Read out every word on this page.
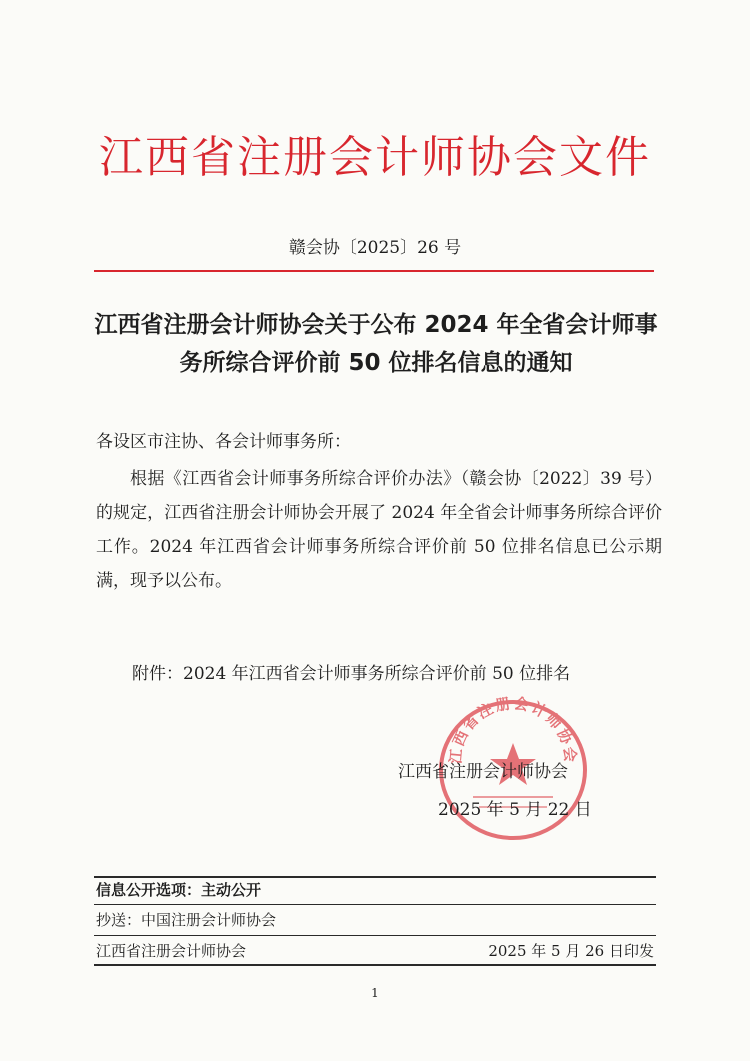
江西省注册会计师协会文件
赣会协〔2025〕26 号
江西省注册会计师协会关于公布 2024 年全省会计师事务所综合评价前 50 位排名信息的通知
各设区市注协、各会计师事务所：
根据《江西省会计师事务所综合评价办法》（赣会协〔2022〕39 号）的规定，江西省注册会计师协会开展了 2024 年全省会计师事务所综合评价工作。2024 年江西省会计师事务所综合评价前 50 位排名信息已公示期满，现予以公布。
附件：2024 年江西省会计师事务所综合评价前 50 位排名
江西省注册会计师协会
江西省注册会计师协会
2025 年 5 月 22 日
信息公开选项：主动公开
抄送：中国注册会计师协会
江西省注册会计师协会	2025 年 5 月 26 日印发
1
